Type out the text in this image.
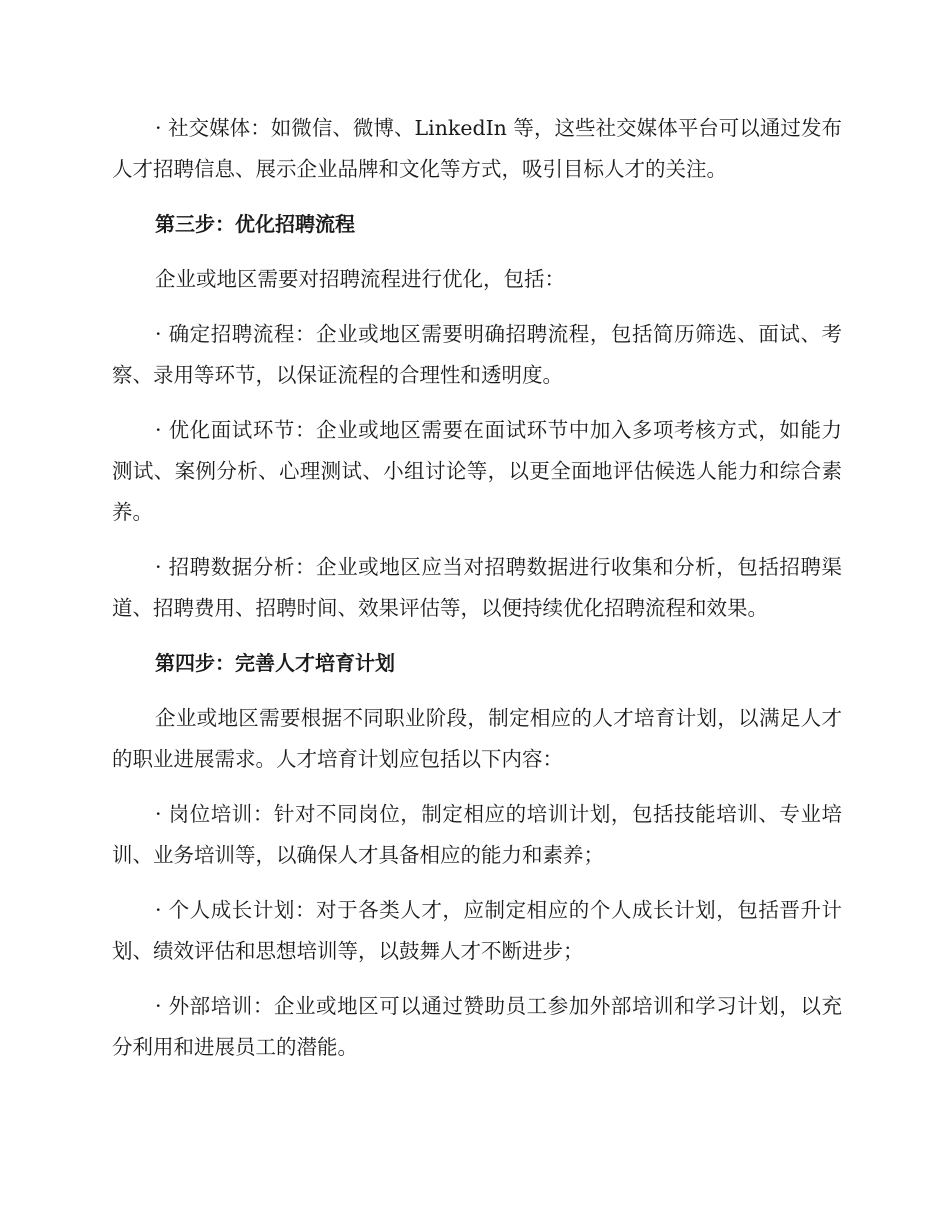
· 社交媒体：如微信、微博、LinkedIn 等，这些社交媒体平台可以通过发布人才招聘信息、展示企业品牌和文化等方式，吸引目标人才的关注。

第三步：优化招聘流程

企业或地区需要对招聘流程进行优化，包括：

· 确定招聘流程：企业或地区需要明确招聘流程，包括简历筛选、面试、考察、录用等环节，以保证流程的合理性和透明度。

· 优化面试环节：企业或地区需要在面试环节中加入多项考核方式，如能力测试、案例分析、心理测试、小组讨论等，以更全面地评估候选人能力和综合素养。

· 招聘数据分析：企业或地区应当对招聘数据进行收集和分析，包括招聘渠道、招聘费用、招聘时间、效果评估等，以便持续优化招聘流程和效果。

第四步：完善人才培育计划

企业或地区需要根据不同职业阶段，制定相应的人才培育计划，以满足人才的职业进展需求。人才培育计划应包括以下内容：

· 岗位培训：针对不同岗位，制定相应的培训计划，包括技能培训、专业培训、业务培训等，以确保人才具备相应的能力和素养；

· 个人成长计划：对于各类人才，应制定相应的个人成长计划，包括晋升计划、绩效评估和思想培训等，以鼓舞人才不断进步；

· 外部培训：企业或地区可以通过赞助员工参加外部培训和学习计划，以充分利用和进展员工的潜能。
